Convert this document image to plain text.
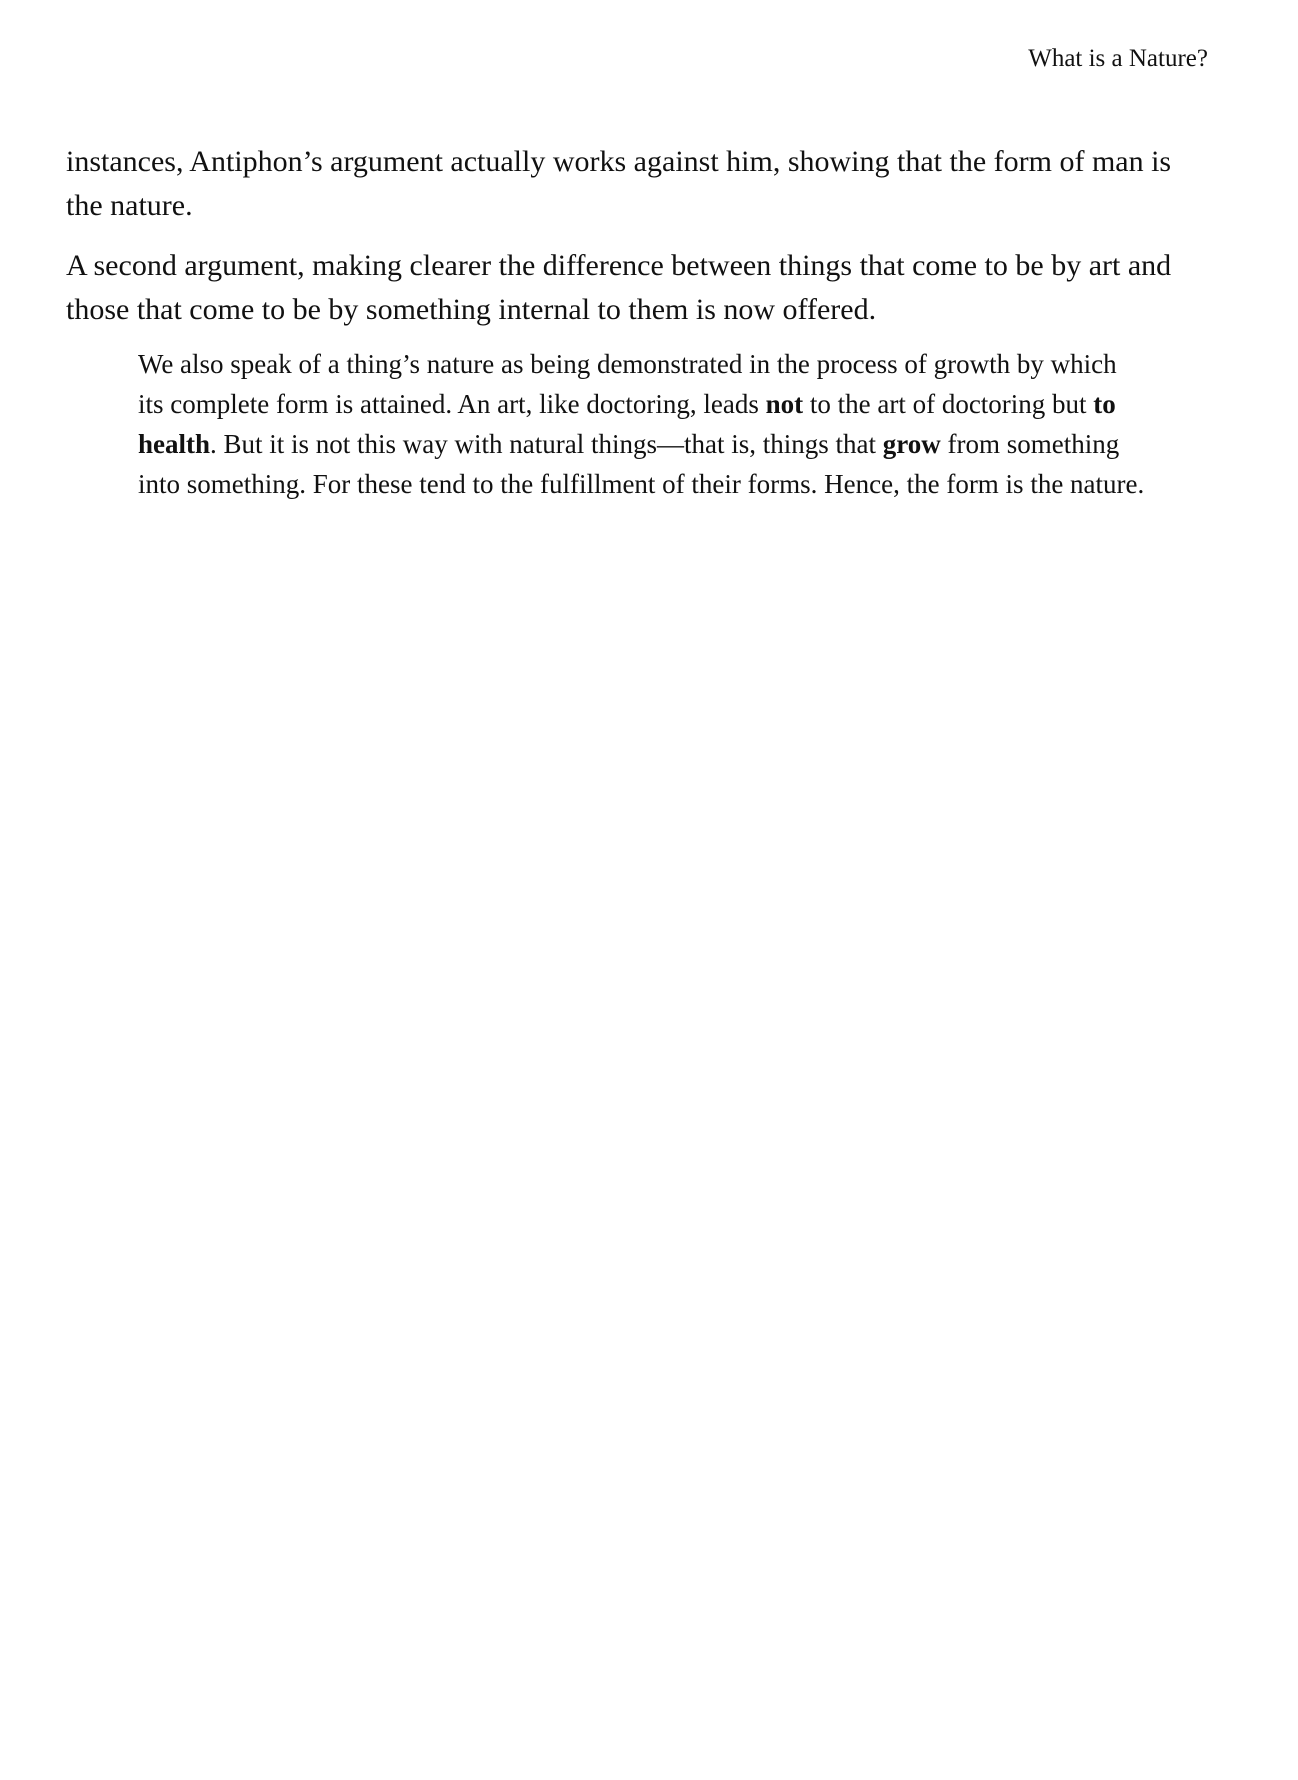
What is a Nature?

instances, Antiphon’s argument actually works against him, showing that the form of man is the nature.

A second argument, making clearer the difference between things that come to be by art and those that come to be by something internal to them is now offered.

We also speak of a thing’s nature as being demonstrated in the process of growth by which its complete form is attained. An art, like doctoring, leads not to the art of doctoring but to health. But it is not this way with natural things—that is, things that grow from something into something. For these tend to the fulfillment of their forms. Hence, the form is the nature.
